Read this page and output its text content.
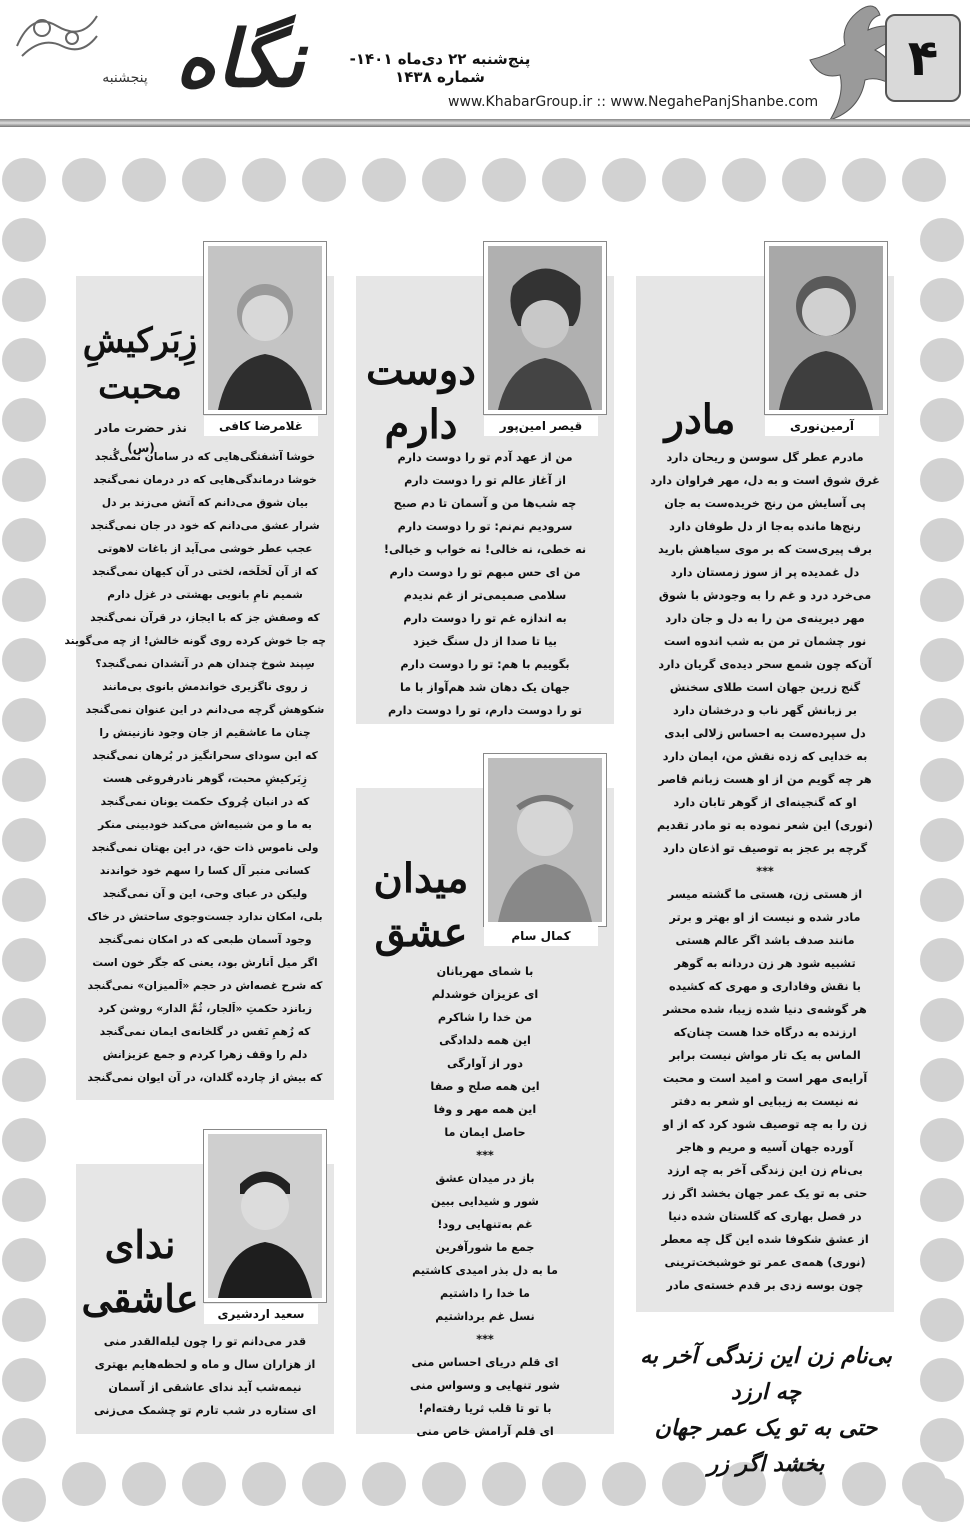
پنجشنبه نگاه	پنج‌شنبه ۲۲ دی‌ماه ۱۴۰۱- شماره ۱۴۳۸
www.KhabarGroup.ir :: www.NegahePanjShanbe.com
۴
آرمین‌نوری
مادر
مادرم عطر گل سوسن و ریحان دارد
غرق شوق است و به دل، مهر فراوان دارد
پی آسایش من رنج خریده‌ست به جان
رنج‌ها مانده به‌جا از دل طوفان دارد
برف پیری‌ست که بر موی سیاهش بارید
دل غمدیده پر از سوز زمستان دارد
می‌خرد درد و غم را به وجودش با شوق
مهر دیرینه‌ی من را به دل و جان دارد
نور چشمان تر من به شب اندوه است
آن‌که چون شمع سحر دیده‌ی گریان دارد
گنج زرین جهان است طلای سخنش
بر زبانش گهر ناب و درخشان دارد
دل سپرده‌ست به احساس زلالی ابدی
به خدایی که زده نقش من، ایمان دارد
هر چه گویم من از او هست زبانم قاصر
او که گنجینه‌ای از گوهر تابان دارد
(نوری) این شعر نموده به تو مادر تقدیم
گرچه بر عجز به توصیف تو اذعان دارد
***
از هستی زن، هستی ما گشته میسر
مادر شده و نیست از او بهتر و برتر
مانند صدف باشد اگر عالم هستی
تشبیه شود هر زن دردانه به گوهر
با نقش وفاداری و مهری که کشیده
هر گوشه‌ی دنیا شده زیبا، شده محشر
ارزنده به درگاه خدا هست چنان‌که
الماس به یک تار مواش نیست برابر
آرایه‌ی مهر است و امید است و محبت
نه نیست به زیبایی او شعر به دفتر
زن را به چه توصیف شود کرد که از او
آورده جهان آسیه و مریم و هاجر
بی‌نام زن این زندگی آخر به چه ارزد
حتی به تو یک عمر جهان بخشد اگر زر
در فصل بهاری که گلستان شده دنیا
از عشق شکوفا شده این گل چه معطر
(نوری) همه‌ی عمر تو خوشبخت‌ترینی
چون بوسه زدی بر قدم خسته‌ی مادر
قیصر امین‌پور
دوست
دارم
من از عهد آدم تو را دوست دارم
از آغاز عالم تو را دوست دارم
چه شب‌ها من و آسمان تا دم صبح
سرودیم نم‌نم: تو را دوست دارم
نه خطی، نه خالی! نه خواب و خیالی!
من ای حس مبهم تو را دوست دارم
سلامی صمیمی‌تر از غم ندیدم
به اندازه غم تو را دوست دارم
بیا تا صدا از دل سنگ خیزد
بگوییم با هم: تو را دوست دارم
جهان یک دهان شد هم‌آواز با ما
تو را دوست دارم، تو را دوست دارم
کمال سام
میدان
عشق
با شمای مهربانان
ای عزیزان خوشدلم
من خدا را شاکرم
این همه دلدادگی
دور از آوارگی
این همه صلح و صفا
این همه مهر و وفا
حاصل ایمان ما
***
باز در میدان عشق
شور و شیدایی ببین
غم به‌تنهایی رود!
جمع ما شورآفرین
ما به دل بذر امیدی کاشتیم
ما خدا را داشتیم
نسل غم برداشتیم
***
ای قلم دریای احساس منی
شور تنهایی و وسواس منی
با تو تا قلب ثریا رفته‌ام!
ای قلم آرامش خاص منی
غلامرضا کافی
زِبَرکیشِ
محبت
نذر حضرت مادر (س)
خوشا آشفتگی‌هایی که در سامان نمی‌گُنجد
خوشا درماندگی‌هایی که در درمان نمی‌گنجد
بیان شوق می‌دانم که آتش می‌زند بر دل
شرار عشق می‌دانم که خود در جان نمی‌گنجد
عجب عطر خوشی می‌آید از باغات لاهوتی
که از آن لَخلَخه، لختی در آن کیهان نمی‌گنجد
شمیم نامِ بانویی بهشتی در غزل دارم
که وصفش جز که با ایجاز، در قرآن نمی‌گنجد
چه جا خوش کرده روی گونه خالش! از چه می‌گویند
سِپند شوخ چندان هم در آتشدان نمی‌گنجد؟
ز روی ناگزیری خواندمش بانوی بی‌مانند
شکوهش گرچه می‌دانم در این عنوان نمی‌گنجد
چنان ما عاشقیم از جان وجود نازنینش را
که این سودای سحرانگیز در بُرهان نمی‌گنجد
زِبَرکیشِ محبت، گوهر نادرفروغی هست
که در انبان چُروک حکمت یونان نمی‌گنجد
به ما و من شبیه‌اش می‌کند خودبینی منکر
ولی ناموس ذات حق، در این بهتان نمی‌گنجد
کسانی منبر آل کسا را سهم خود خواندند
ولیکن در عبای وحی، این و آن نمی‌گنجد
بلی، امکان ندارد جست‌وجوی ساحتش در خاک
وجود آسمان طبعی که در امکان نمی‌گنجد
اگر میل اَنارش بود، یعنی که جگر خون است
که شرح غصه‌اش در حجم «اَلمیزان» نمی‌گنجد
زبانزد حکمتِ «اَلجار، ثُمَّ الدار» روشن کرد
که زُهمِ نَفس در گلخانه‌ی ایمان نمی‌گنجد
دلم را وقف زهرا کردم و جمع عزیزانش
که بیش از چارده گلدان، در آن ایوان نمی‌گنجد
سعید اردشیری
ندای
عاشقی
قدر می‌دانم تو را چون لیله‌القدر منی
از هزاران سال و ماه و لحظه‌هایم بهتری
نیمه‌شب آید ندای عاشقی از آسمان
ای ستاره در شب تارم تو چشمک می‌زنی
بی‌نام زن این زندگی آخر به چه ارزد
حتی به تو یک عمر جهان بخشد اگر زر
